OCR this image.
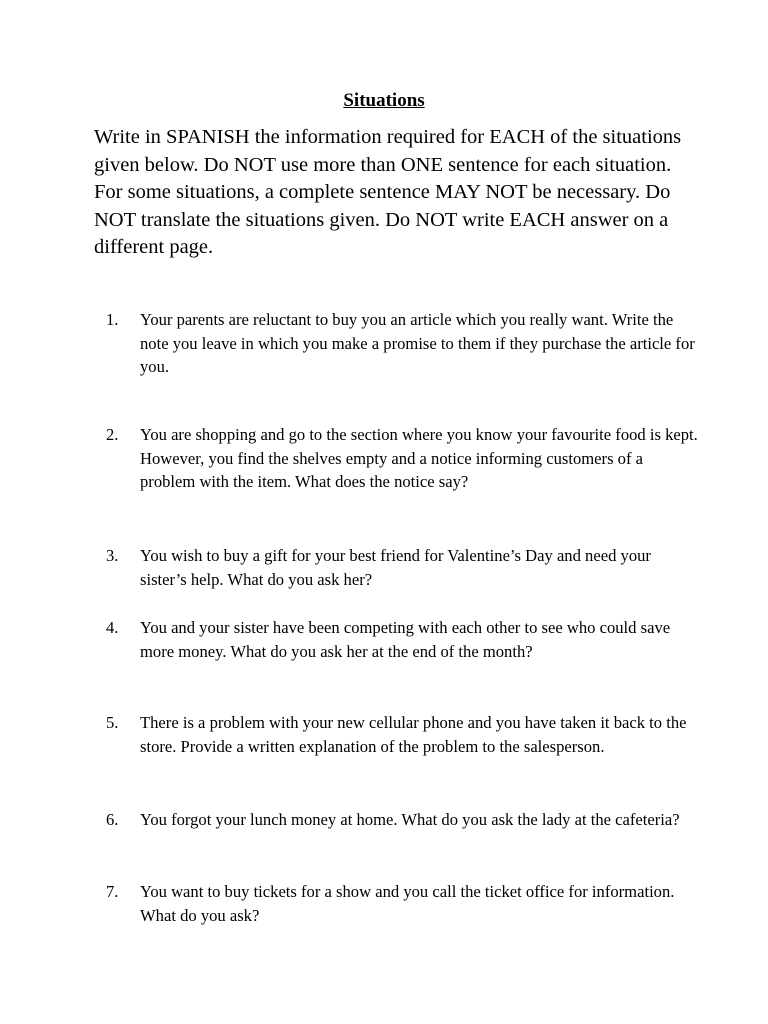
Situations

Write in SPANISH the information required for EACH of the situations given below. Do NOT use more than ONE sentence for each situation. For some situations, a complete sentence MAY NOT be necessary. Do NOT translate the situations given. Do NOT write EACH answer on a different page.

1.	Your parents are reluctant to buy you an article which you really want. Write the note you leave in which you make a promise to them if they purchase the article for you.
2.	You are shopping and go to the section where you know your favourite food is kept. However, you find the shelves empty and a notice informing customers of a problem with the item. What does the notice say?
3.	You wish to buy a gift for your best friend for Valentine’s Day and need your sister’s help. What do you ask her?
4.	You and your sister have been competing with each other to see who could save more money. What do you ask her at the end of the month?
5.	There is a problem with your new cellular phone and you have taken it back to the store. Provide a written explanation of the problem to the salesperson.
6.	You forgot your lunch money at home. What do you ask the lady at the cafeteria?
7.	You want to buy tickets for a show and you call the ticket office for information. What do you ask?
